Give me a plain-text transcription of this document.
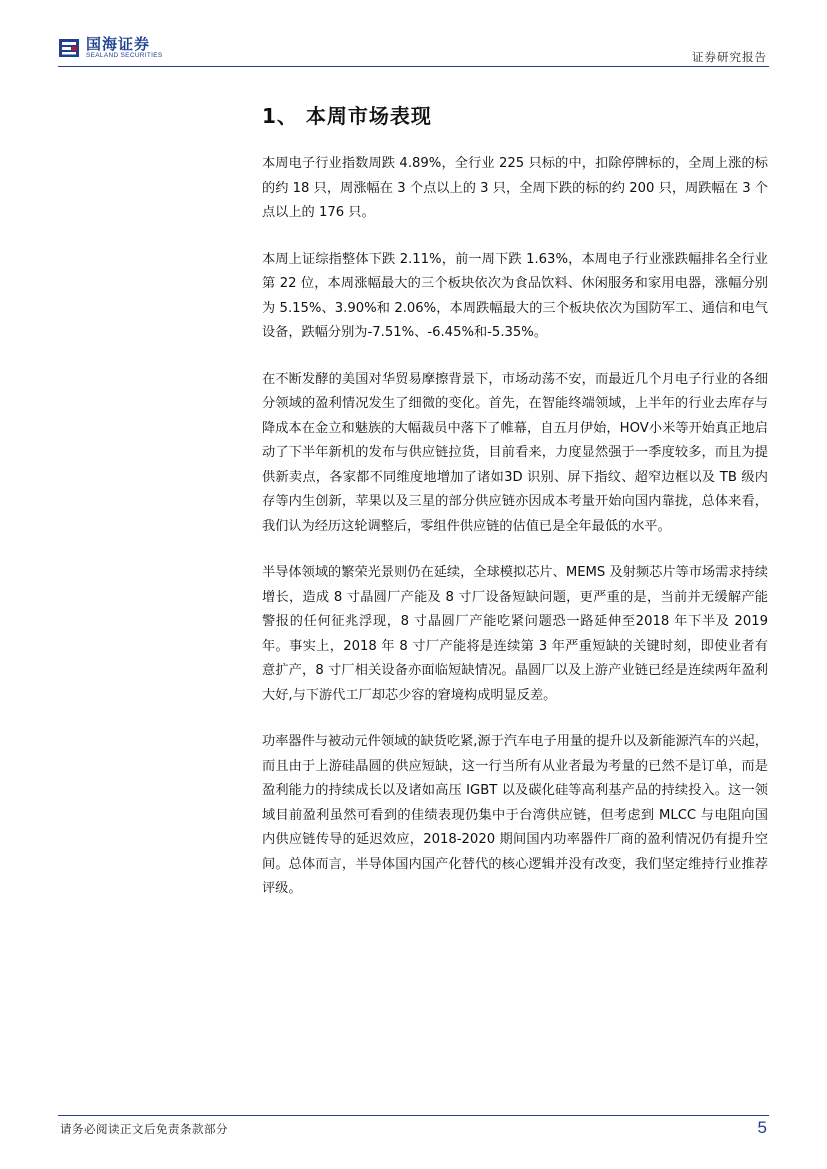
国海证券
SEALAND SECURITIES	证券研究报告
1、 本周市场表现

本周电子行业指数周跌 4.89%，全行业 225 只标的中，扣除停牌标的，全周上涨的标的约 18 只，周涨幅在 3 个点以上的 3 只，全周下跌的标的约 200 只，周跌幅在 3 个点以上的 176 只。

本周上证综指整体下跌 2.11%，前一周下跌 1.63%，本周电子行业涨跌幅排名全行业第 22 位，本周涨幅最大的三个板块依次为食品饮料、休闲服务和家用电器，涨幅分别为 5.15%、3.90%和 2.06%，本周跌幅最大的三个板块依次为国防军工、通信和电气设备，跌幅分别为-7.51%、-6.45%和-5.35%。

在不断发酵的美国对华贸易摩擦背景下，市场动荡不安，而最近几个月电子行业的各细分领域的盈利情况发生了细微的变化。首先，在智能终端领域，上半年的行业去库存与降成本在金立和魅族的大幅裁员中落下了帷幕，自五月伊始，HOV小米等开始真正地启动了下半年新机的发布与供应链拉货，目前看来，力度显然强于一季度较多，而且为提供新卖点，各家都不同维度地增加了诸如3D 识别、屏下指纹、超窄边框以及 TB 级内存等内生创新，苹果以及三星的部分供应链亦因成本考量开始向国内靠拢，总体来看，我们认为经历这轮调整后，零组件供应链的估值已是全年最低的水平。

半导体领域的繁荣光景则仍在延续，全球模拟芯片、MEMS 及射频芯片等市场需求持续增长，造成 8 寸晶圆厂产能及 8 寸厂设备短缺问题，更严重的是，当前并无缓解产能警报的任何征兆浮现，8 寸晶圆厂产能吃紧问题恐一路延伸至2018 年下半及 2019 年。事实上，2018 年 8 寸厂产能将是连续第 3 年严重短缺的关键时刻，即使业者有意扩产，8 寸厂相关设备亦面临短缺情况。晶圆厂以及上游产业链已经是连续两年盈利大好,与下游代工厂却芯少容的窘境构成明显反差。

功率器件与被动元件领域的缺货吃紧,源于汽车电子用量的提升以及新能源汽车的兴起，而且由于上游硅晶圆的供应短缺，这一行当所有从业者最为考量的已然不是订单，而是盈利能力的持续成长以及诸如高压 IGBT 以及碳化硅等高利基产品的持续投入。这一领域目前盈利虽然可看到的佳绩表现仍集中于台湾供应链，但考虑到 MLCC 与电阻向国内供应链传导的延迟效应，2018-2020 期间国内功率器件厂商的盈利情况仍有提升空间。总体而言，半导体国内国产化替代的核心逻辑并没有改变，我们坚定维持行业推荐评级。

请务必阅读正文后免责条款部分	5
